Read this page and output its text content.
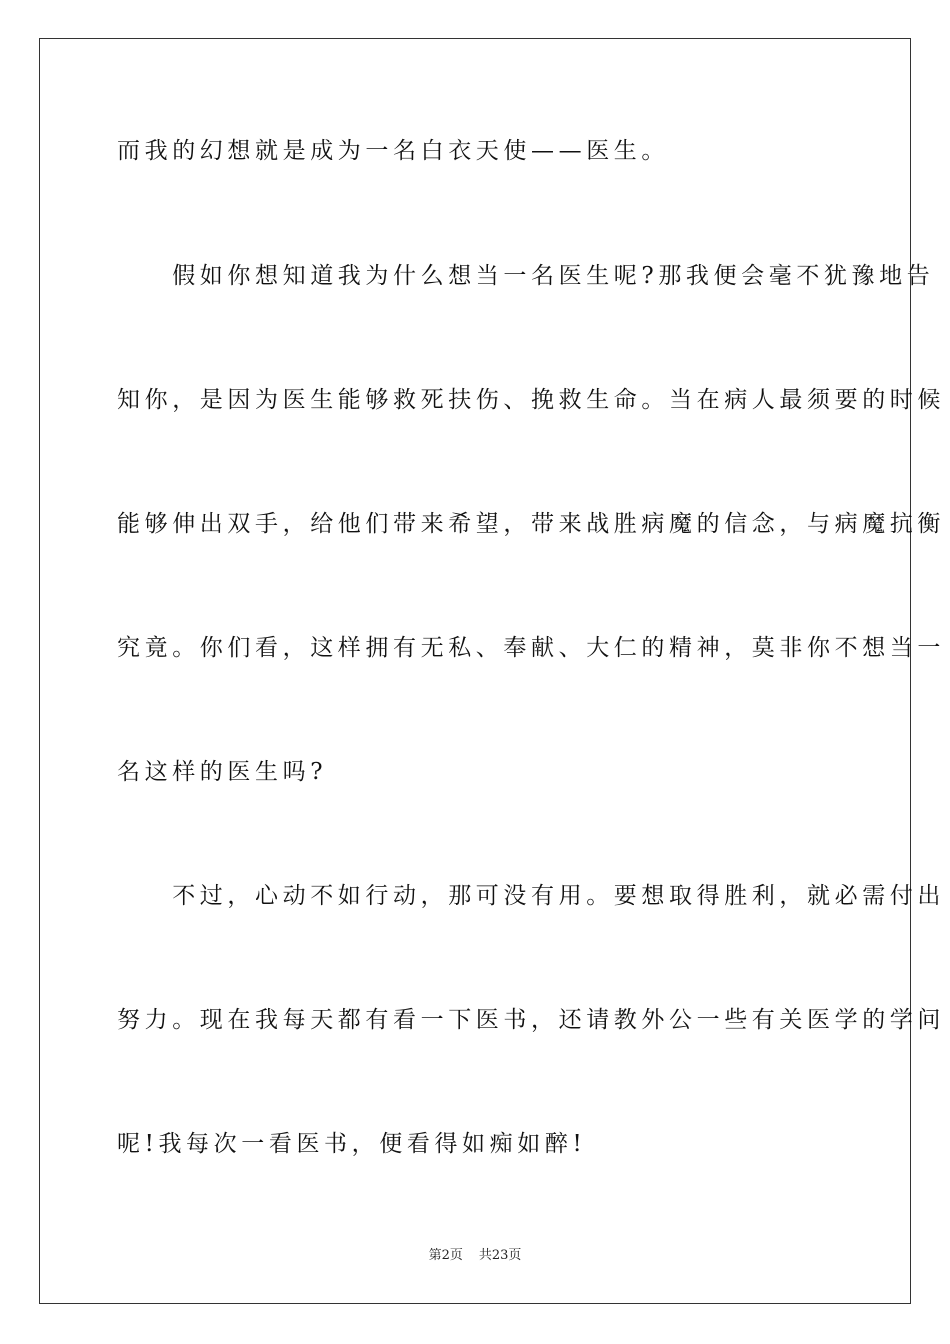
而我的幻想就是成为一名白衣天使——医生。
　　假如你想知道我为什么想当一名医生呢?那我便会毫不犹豫地告
知你，是因为医生能够救死扶伤、挽救生命。当在病人最须要的时候
能够伸出双手，给他们带来希望，带来战胜病魔的信念，与病魔抗衡
究竟。你们看，这样拥有无私、奉献、大仁的精神，莫非你不想当一
名这样的医生吗?
　　不过，心动不如行动，那可没有用。要想取得胜利，就必需付出
努力。现在我每天都有看一下医书，还请教外公一些有关医学的学问
呢!我每次一看医书，便看得如痴如醉!
第2页 共23页
